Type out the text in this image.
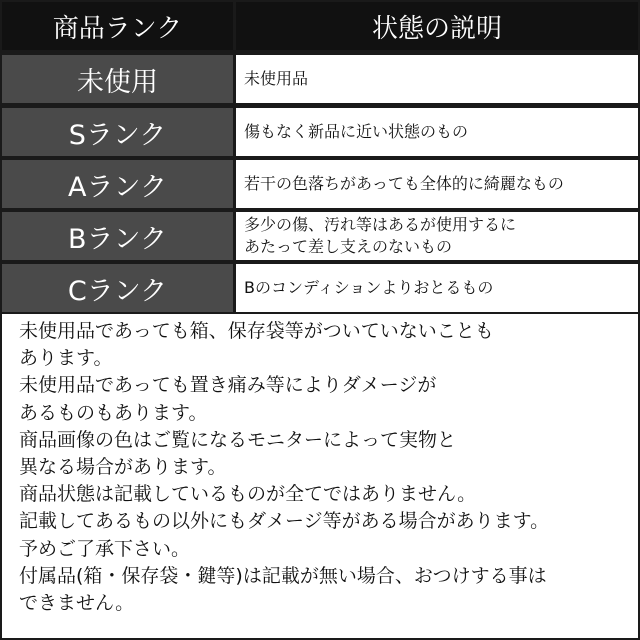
商品ランク	状態の説明
未使用	未使用品
Sランク	傷もなく新品に近い状態のもの
Aランク	若干の色落ちがあっても全体的に綺麗なもの
Bランク	多少の傷、汚れ等はあるが使用するに
あたって差し支えのないもの
Cランク	Bのコンディションよりおとるもの
未使用品であっても箱、保存袋等がついていないことも
あります。
未使用品であっても置き痛み等によりダメージが
あるものもあります。
商品画像の色はご覧になるモニターによって実物と
異なる場合があります。
商品状態は記載しているものが全てではありません。
記載してあるもの以外にもダメージ等がある場合があります。
予めご了承下さい。
付属品(箱・保存袋・鍵等)は記載が無い場合、おつけする事は
できません。
